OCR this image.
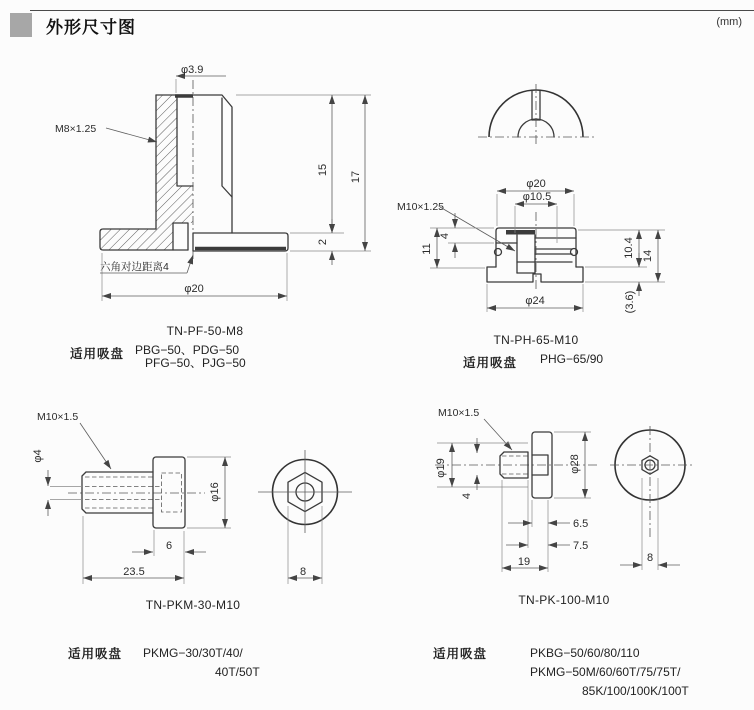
外形尺寸图	(mm)
φ3.9
M8×1.25
15
17
2
φ20
六角对边距离4
φ20
φ10.5
M10×1.25
4
11	10.4 14
(3.6)
φ24
M10×1.5
φ4
φ16
6
23.5	8
M10×1.5
φ19
4
φ28
6.5
7.5
19	8
TN-PF-50-M8
适用吸盘 PBG−50、PDG−50
PFG−50、PJG−50
TN-PH-65-M10
适用吸盘 PHG−65/90
TN-PKM-30-M10
适用吸盘 PKMG−30/30T/40/
40T/50T
TN-PK-100-M10
适用吸盘	PKBG−50/60/80/110
PKMG−50M/60/60T/75/75T/
85K/100/100K/100T
